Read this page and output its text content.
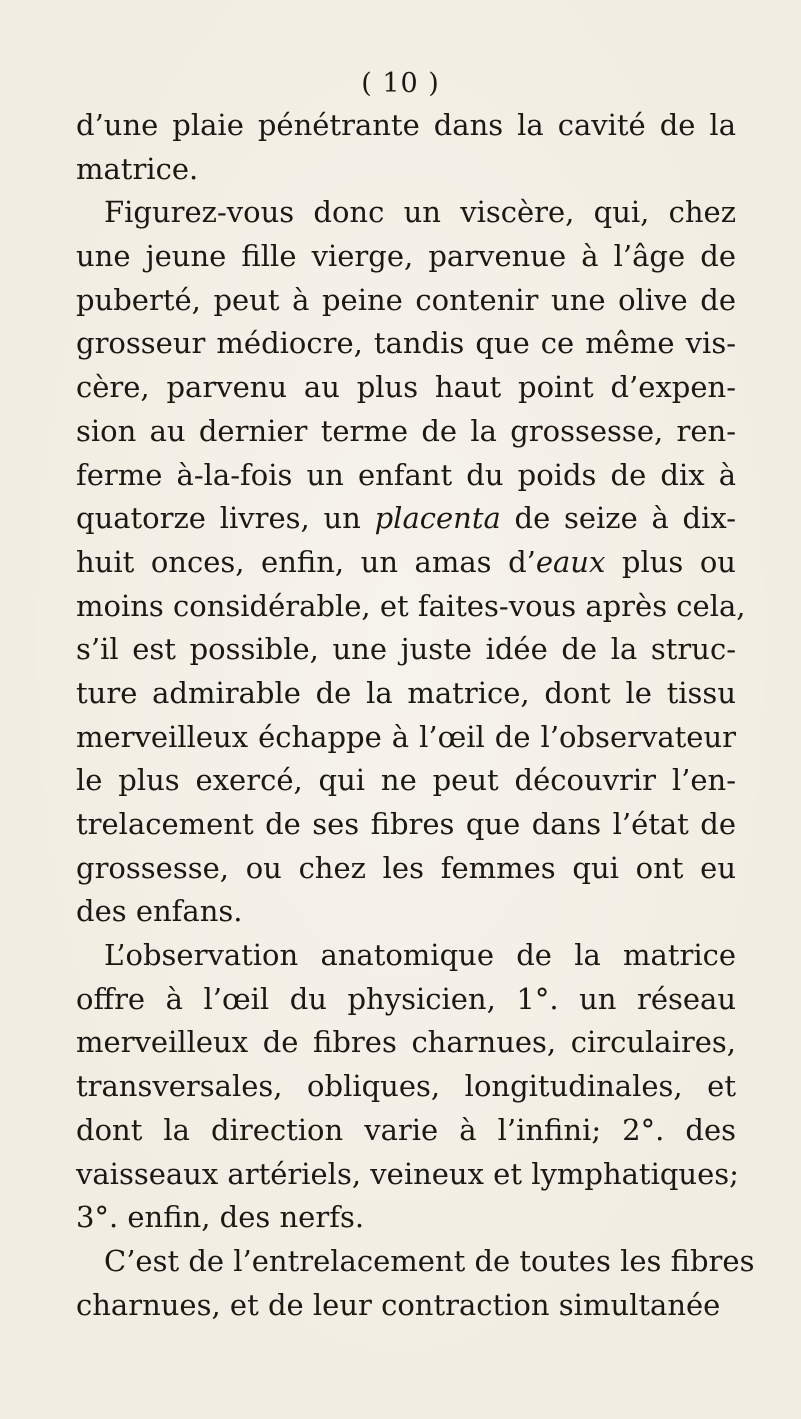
( 10 )
d’une plaie pénétrante dans la cavité de la
matrice.
Figurez-vous donc un viscère, qui, chez
une jeune fille vierge, parvenue à l’âge de
puberté, peut à peine contenir une olive de
grosseur médiocre, tandis que ce même vis-
cère, parvenu au plus haut point d’expen-
sion au dernier terme de la grossesse, ren-
ferme à-la-fois un enfant du poids de dix à
quatorze livres, un placenta de seize à dix-
huit onces, enfin, un amas d’eaux plus ou
moins considérable, et faites-vous après cela,
s’il est possible, une juste idée de la struc-
ture admirable de la matrice, dont le tissu
merveilleux échappe à l’œil de l’observateur
le plus exercé, qui ne peut découvrir l’en-
trelacement de ses fibres que dans l’état de
grossesse, ou chez les femmes qui ont eu
des enfans.
L’observation anatomique de la matrice
offre à l’œil du physicien, 1°. un réseau
merveilleux de fibres charnues, circulaires,
transversales, obliques, longitudinales, et
dont la direction varie à l’infini; 2°. des
vaisseaux artériels, veineux et lymphatiques;
3°. enfin, des nerfs.
C’est de l’entrelacement de toutes les fibres
charnues, et de leur contraction simultanée
